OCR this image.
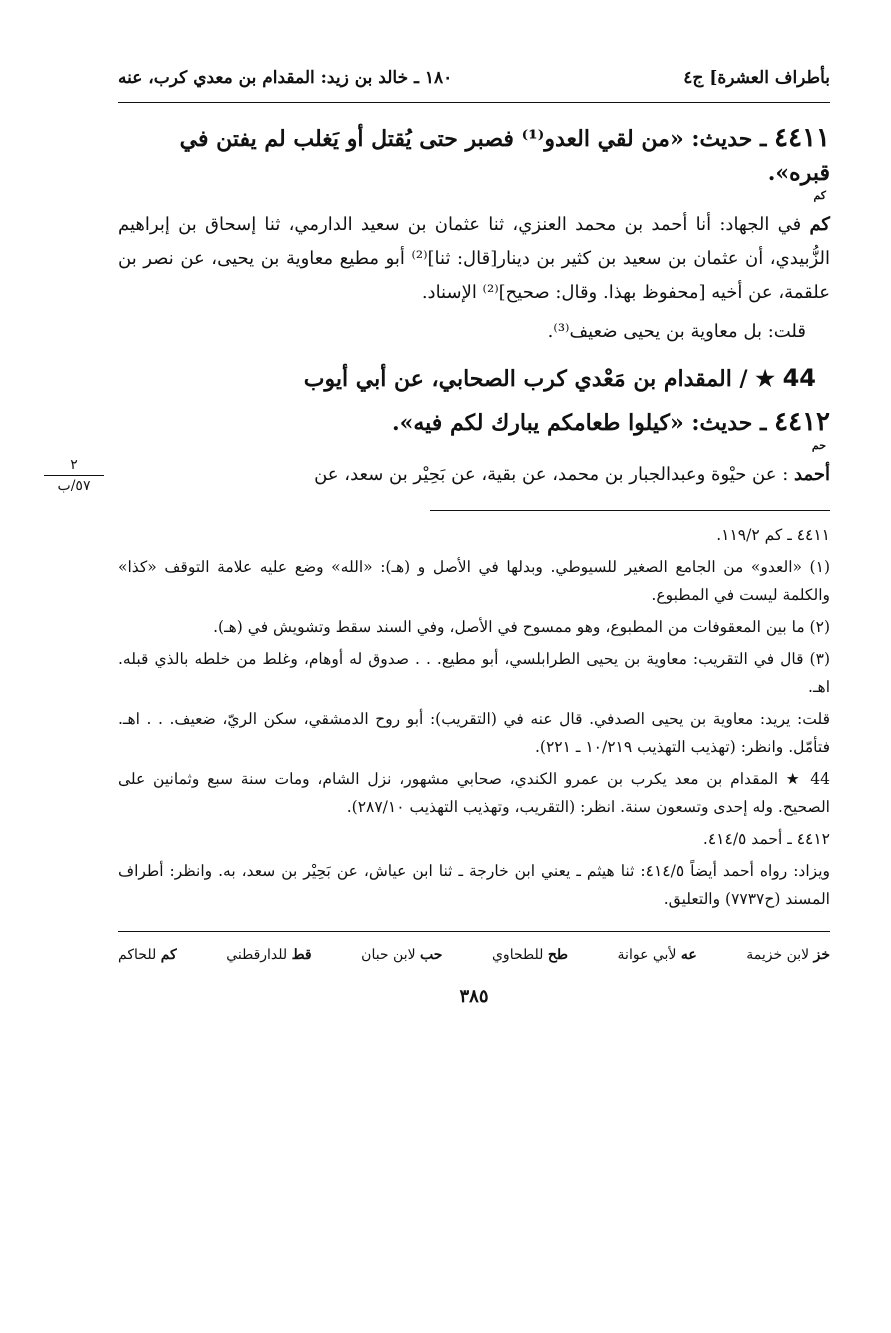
بأطراف العشرة] ج٤
١٨٠ ـ خالد بن زيد: المقدام بن معدي كرب، عنه
٤٤١١ ـ حديث: «من لقي العدو⁽¹⁾ فصبر حتى يُقتل أو يَغلب لم يفتن في قبره».
كم
كم في الجهاد: أنا أحمد بن محمد العنزي، ثنا عثمان بن سعيد الدارمي، ثنا إسحاق بن إبراهيم الزُّبيدي، أن عثمان بن سعيد بن كثير بن دينار[قال: ثنا]⁽²⁾ أبو مطيع معاوية بن يحيى، عن نصر بن علقمة، عن أخيه [محفوظ بهذا. وقال: صحيح]⁽²⁾ الإسناد.
قلت: بل معاوية بن يحيى ضعيف⁽³⁾.
44 ★ / المقدام بن مَعْدي كرب الصحابي، عن أبي أيوب
٤٤١٢ ـ حديث: «كيلوا طعامكم يبارك لكم فيه».
حم
أحمد : عن حيْوة وعبدالجبار بن محمد، عن بقية، عن بَحِيْر بن سعد، عن

٤٤١١ ـ كم ١١٩/٢.

(١) «العدو» من الجامع الصغير للسيوطي. وبدلها في الأصل و (هـ): «الله» وضع عليه علامة التوقف «كذا» والكلمة ليست في المطبوع.

(٢) ما بين المعقوفات من المطبوع، وهو ممسوح في الأصل، وفي السند سقط وتشويش في (هـ).

(٣) قال في التقريب: معاوية بن يحيى الطرابلسي، أبو مطيع. . . صدوق له أوهام، وغلط من خلطه بالذي قبله. اهـ.

قلت: يريد: معاوية بن يحيى الصدفي. قال عنه في (التقريب): أبو روح الدمشقي، سكن الريّ، ضعيف. . . اهـ. فتأمّل. وانظر: (تهذيب التهذيب ١٠/٢١٩ ـ ٢٢١).

44 ★ المقدام بن معد يكرب بن عمرو الكندي، صحابي مشهور، نزل الشام، ومات سنة سبع وثمانين على الصحيح. وله إحدى وتسعون سنة. انظر: (التقريب، وتهذيب التهذيب ٢٨٧/١٠).

٤٤١٢ ـ أحمد ٤١٤/٥.

ويزاد: رواه أحمد أيضاً ٤١٤/٥: ثنا هيثم ـ يعني ابن خارجة ـ ثنا ابن عياش، عن بَحِيْر بن سعد، به. وانظر: أطراف المسند (ح٧٧٣٧) والتعليق.

خز لابن خزيمة
عه لأبي عوانة
طح للطحاوي
حب لابن حبان
قط للدارقطني
كم للحاكم
٣٨٥
٢
٥٧/ب
